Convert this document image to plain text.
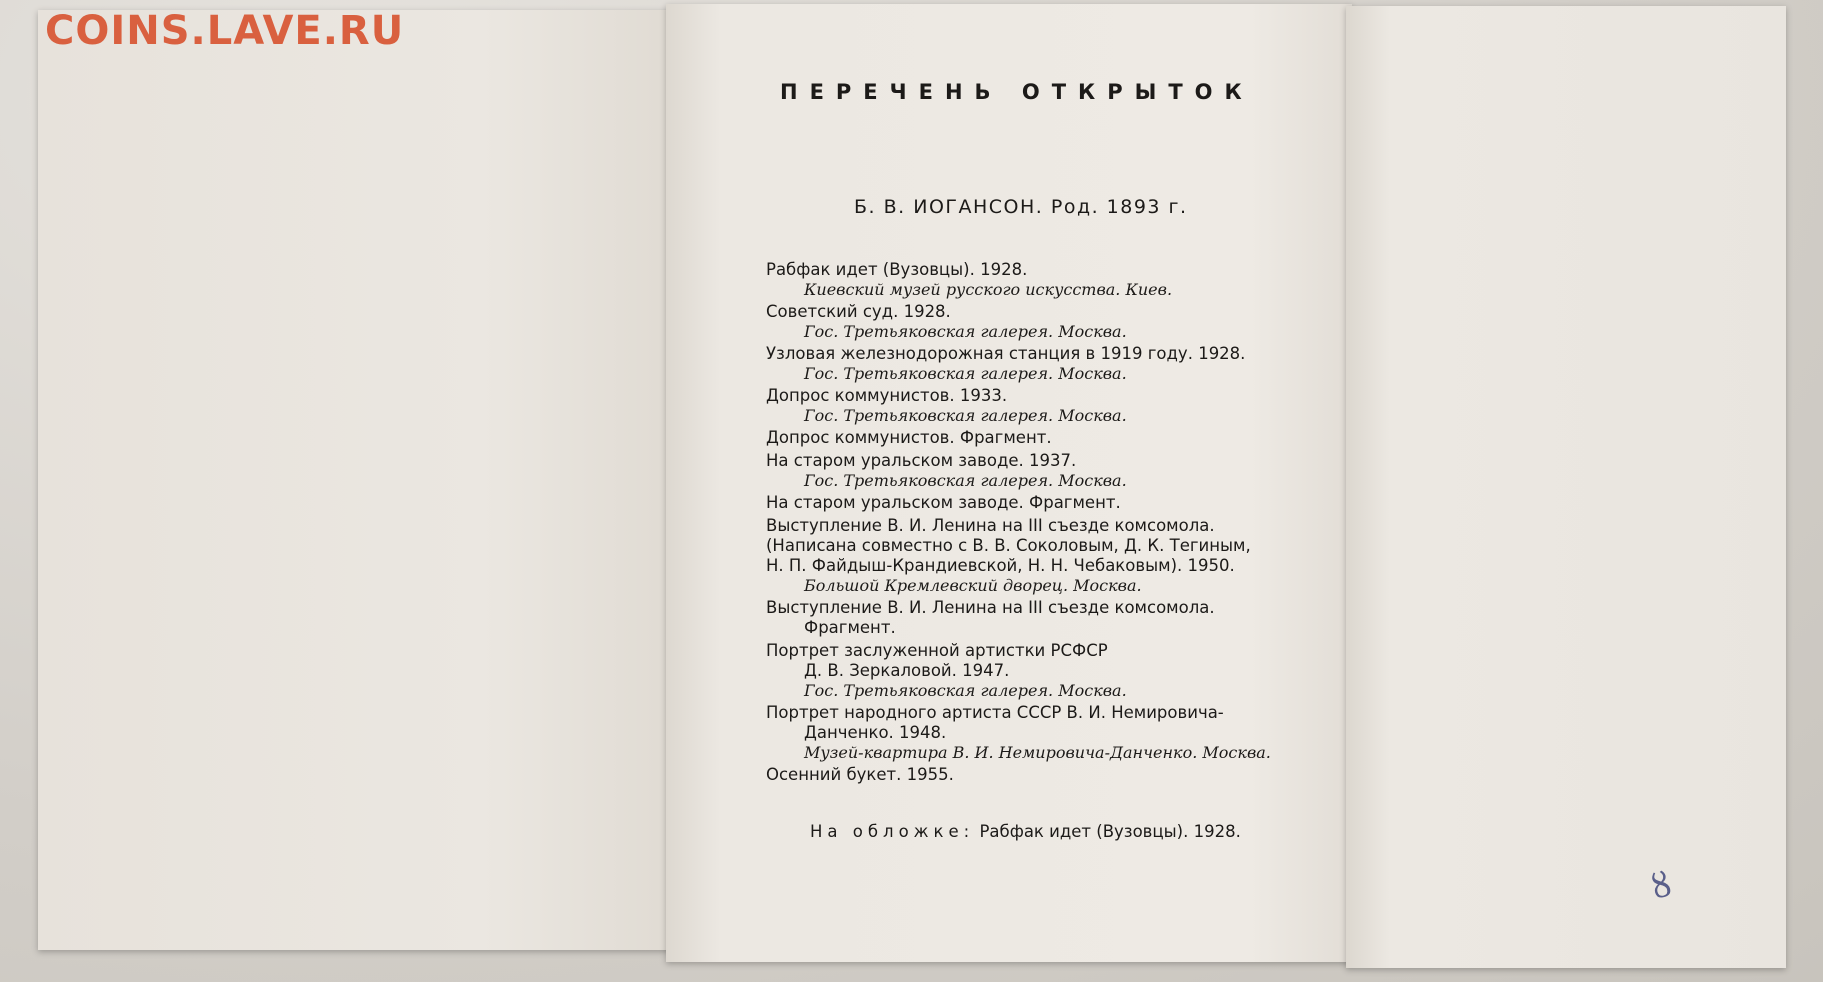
COINS.LAVE.RU
ПЕРЕЧЕНЬ ОТКРЫТОК
Б. В. ИОГАНСОН. Род. 1893 г.
Рабфак идет (Вузовцы). 1928.
Киевский музей русского искусства. Киев.
Советский суд. 1928.
Гос. Третьяковская галерея. Москва.
Узловая железнодорожная станция в 1919 году. 1928.
Гос. Третьяковская галерея. Москва.
Допрос коммунистов. 1933.
Гос. Третьяковская галерея. Москва.
Допрос коммунистов. Фрагмент.
На старом уральском заводе. 1937.
Гос. Третьяковская галерея. Москва.
На старом уральском заводе. Фрагмент.
Выступление В. И. Ленина на III съезде комсомола.
(Написана совместно с В. В. Соколовым, Д. К. Тегиным,
Н. П. Файдыш-Крандиевской, Н. Н. Чебаковым). 1950.
Большой Кремлевский дворец. Москва.
Выступление В. И. Ленина на III съезде комсомола.
Фрагмент.
Портрет заслуженной артистки РСФСР
Д. В. Зеркаловой. 1947.
Гос. Третьяковская галерея. Москва.
Портрет народного артиста СССР В. И. Немировича-
Данченко. 1948.
Музей-квартира В. И. Немировича-Данченко. Москва.
Осенний букет. 1955.
На обложке: Рабфак идет (Вузовцы). 1928.
ȣ
